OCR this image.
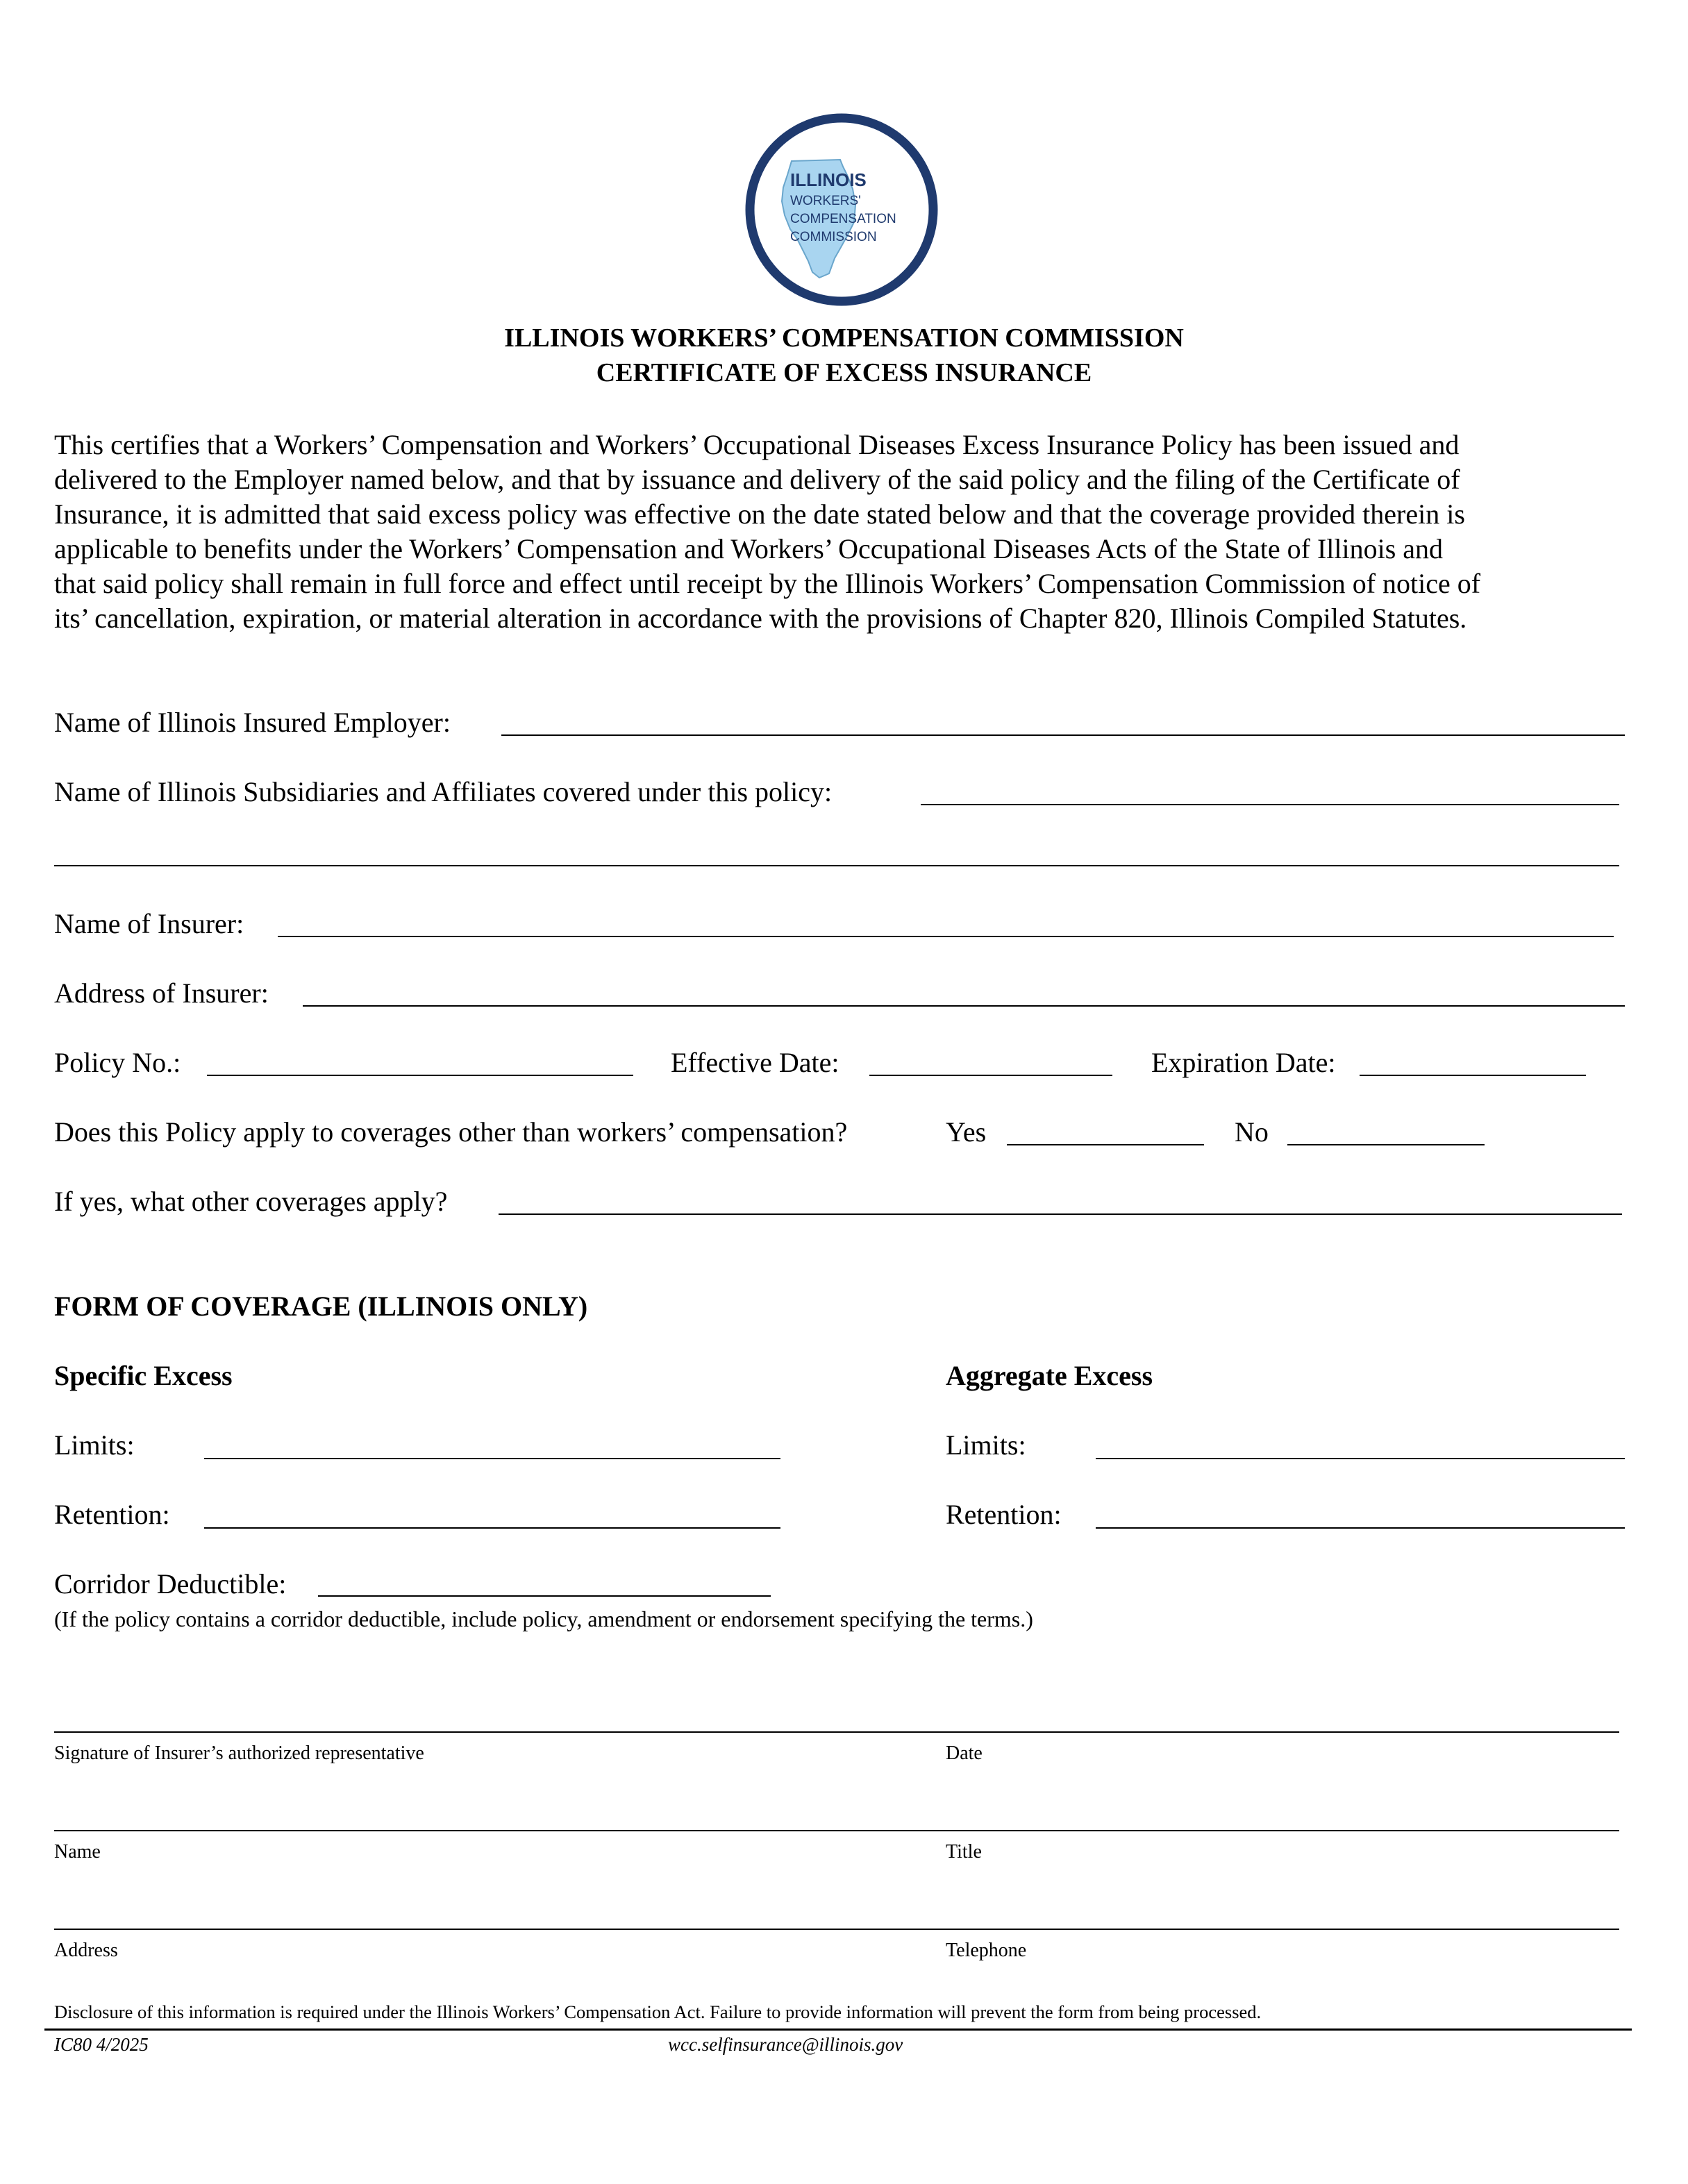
ILLINOIS
WORKERS'
COMPENSATION
COMMISSION
ILLINOIS WORKERS’ COMPENSATION COMMISSION
CERTIFICATE OF EXCESS INSURANCE
This certifies that a Workers’ Compensation and Workers’ Occupational Diseases Excess Insurance Policy has been issued and
delivered to the Employer named below, and that by issuance and delivery of the said policy and the filing of the Certificate of
Insurance, it is admitted that said excess policy was effective on the date stated below and that the coverage provided therein is
applicable to benefits under the Workers’ Compensation and Workers’ Occupational Diseases Acts of the State of Illinois and
that said policy shall remain in full force and effect until receipt by the Illinois Workers’ Compensation Commission of notice of
its’ cancellation, expiration, or material alteration in accordance with the provisions of Chapter 820, Illinois Compiled Statutes.
Name of Illinois Insured Employer:
Name of Illinois Subsidiaries and Affiliates covered under this policy:
Name of Insurer:
Address of Insurer:
Policy No.:	Effective Date:	Expiration Date:
Does this Policy apply to coverages other than workers’ compensation?	Yes	No
If yes, what other coverages apply?
FORM OF COVERAGE (ILLINOIS ONLY)
Specific Excess	Aggregate Excess
Limits:	Limits:
Retention:	Retention:
Corridor Deductible:
(If the policy contains a corridor deductible, include policy, amendment or endorsement specifying the terms.)
Signature of Insurer’s authorized representative	Date
Name	Title
Address	Telephone
Disclosure of this information is required under the Illinois Workers’ Compensation Act. Failure to provide information will prevent the form from being processed.
IC80 4/2025	wcc.selfinsurance@illinois.gov
